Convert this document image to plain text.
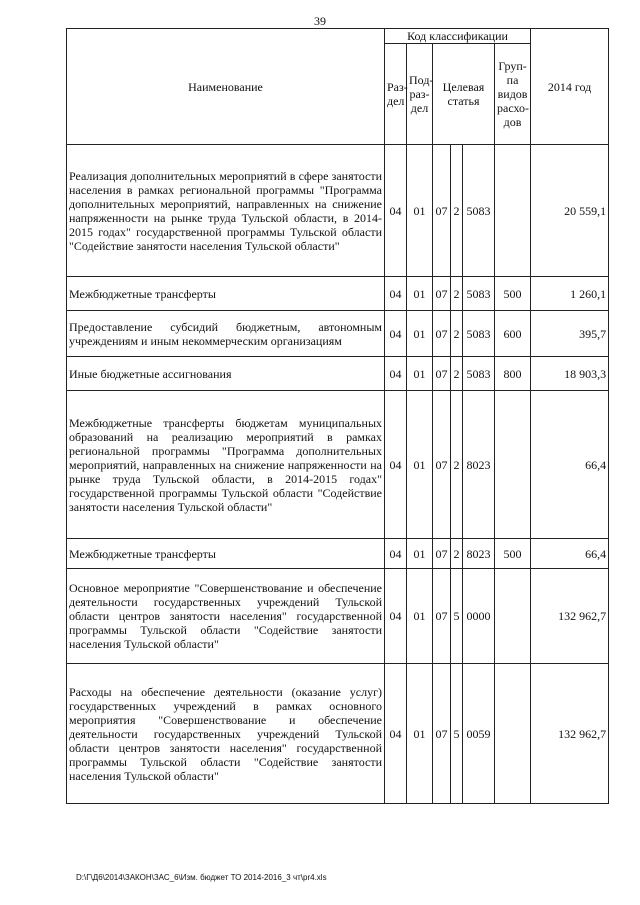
39
Наименование	Код классификации						2014 год
	Раз-дел	Под-раз-дел	Целевая статья			Груп-па видов расхо-дов	
Реализация дополнительных мероприятий в сфере занятости населения в рамках региональной программы "Программа дополнительных мероприятий, направленных на снижение напряженности на рынке труда Тульской области, в 2014-2015 годах" государственной программы Тульской области "Содействие занятости населения Тульской области"	04	01	07	2	5083		20 559,1
Межбюджетные трансферты	04	01	07	2	5083	500	1 260,1
Предоставление субсидий бюджетным, автономным учреждениям и иным некоммерческим организациям	04	01	07	2	5083	600	395,7
Иные бюджетные ассигнования	04	01	07	2	5083	800	18 903,3
Межбюджетные трансферты бюджетам муниципальных образований на реализацию мероприятий в рамках региональной программы "Программа дополнительных мероприятий, направленных на снижение напряженности на рынке труда Тульской области, в 2014-2015 годах" государственной программы Тульской области "Содействие занятости населения Тульской области"	04	01	07	2	8023		66,4
Межбюджетные трансферты	04	01	07	2	8023	500	66,4
Основное мероприятие "Совершенствование и обеспечение деятельности государственных учреждений Тульской области центров занятости населения" государственной программы Тульской области "Содействие занятости населения Тульской области"	04	01	07	5	0000		132 962,7
Расходы на обеспечение деятельности (оказание услуг) государственных учреждений в рамках основного мероприятия "Совершенствование и обеспечение деятельности государственных учреждений Тульской области центров занятости населения" государственной программы Тульской области "Содействие занятости населения Тульской области"	04	01	07	5	0059		132 962,7
D:\Г\Д6\2014\ЗАКОН\ЗАС_6\Изм. бюджет ТО 2014-2016_3 чт\pr4.xls
